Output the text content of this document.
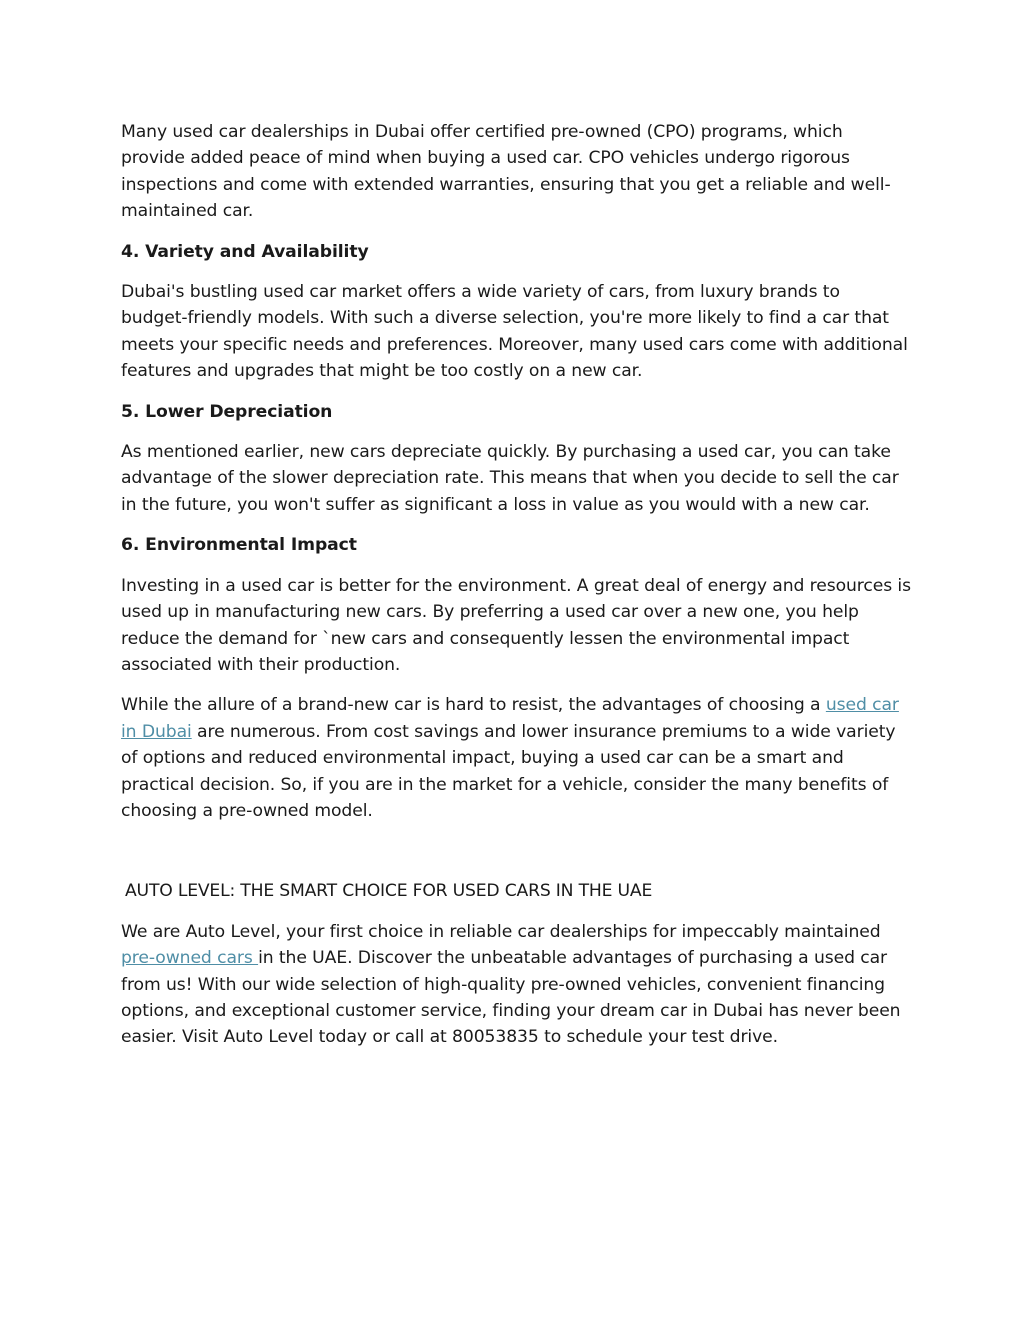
Many used car dealerships in Dubai offer certified pre-owned (CPO) programs, which provide added peace of mind when buying a used car. CPO vehicles undergo rigorous inspections and come with extended warranties, ensuring that you get a reliable and well-maintained car.

4. Variety and Availability

Dubai's bustling used car market offers a wide variety of cars, from luxury brands to budget-friendly models. With such a diverse selection, you're more likely to find a car that meets your specific needs and preferences. Moreover, many used cars come with additional features and upgrades that might be too costly on a new car.

5. Lower Depreciation

As mentioned earlier, new cars depreciate quickly. By purchasing a used car, you can take advantage of the slower depreciation rate. This means that when you decide to sell the car in the future, you won't suffer as significant a loss in value as you would with a new car.

6. Environmental Impact

Investing in a used car is better for the environment. A great deal of energy and resources is used up in manufacturing new cars. By preferring a used car over a new one, you help reduce the demand for `new cars and consequently lessen the environmental impact associated with their production.

While the allure of a brand-new car is hard to resist, the advantages of choosing a used car in Dubai are numerous. From cost savings and lower insurance premiums to a wide variety of options and reduced environmental impact, buying a used car can be a smart and practical decision. So, if you are in the market for a vehicle, consider the many benefits of choosing a pre-owned model.

AUTO LEVEL: THE SMART CHOICE FOR USED CARS IN THE UAE

We are Auto Level, your first choice in reliable car dealerships for impeccably maintained pre-owned cars in the UAE. Discover the unbeatable advantages of purchasing a used car from us! With our wide selection of high-quality pre-owned vehicles, convenient financing options, and exceptional customer service, finding your dream car in Dubai has never been easier. Visit Auto Level today or call at 80053835 to schedule your test drive.
